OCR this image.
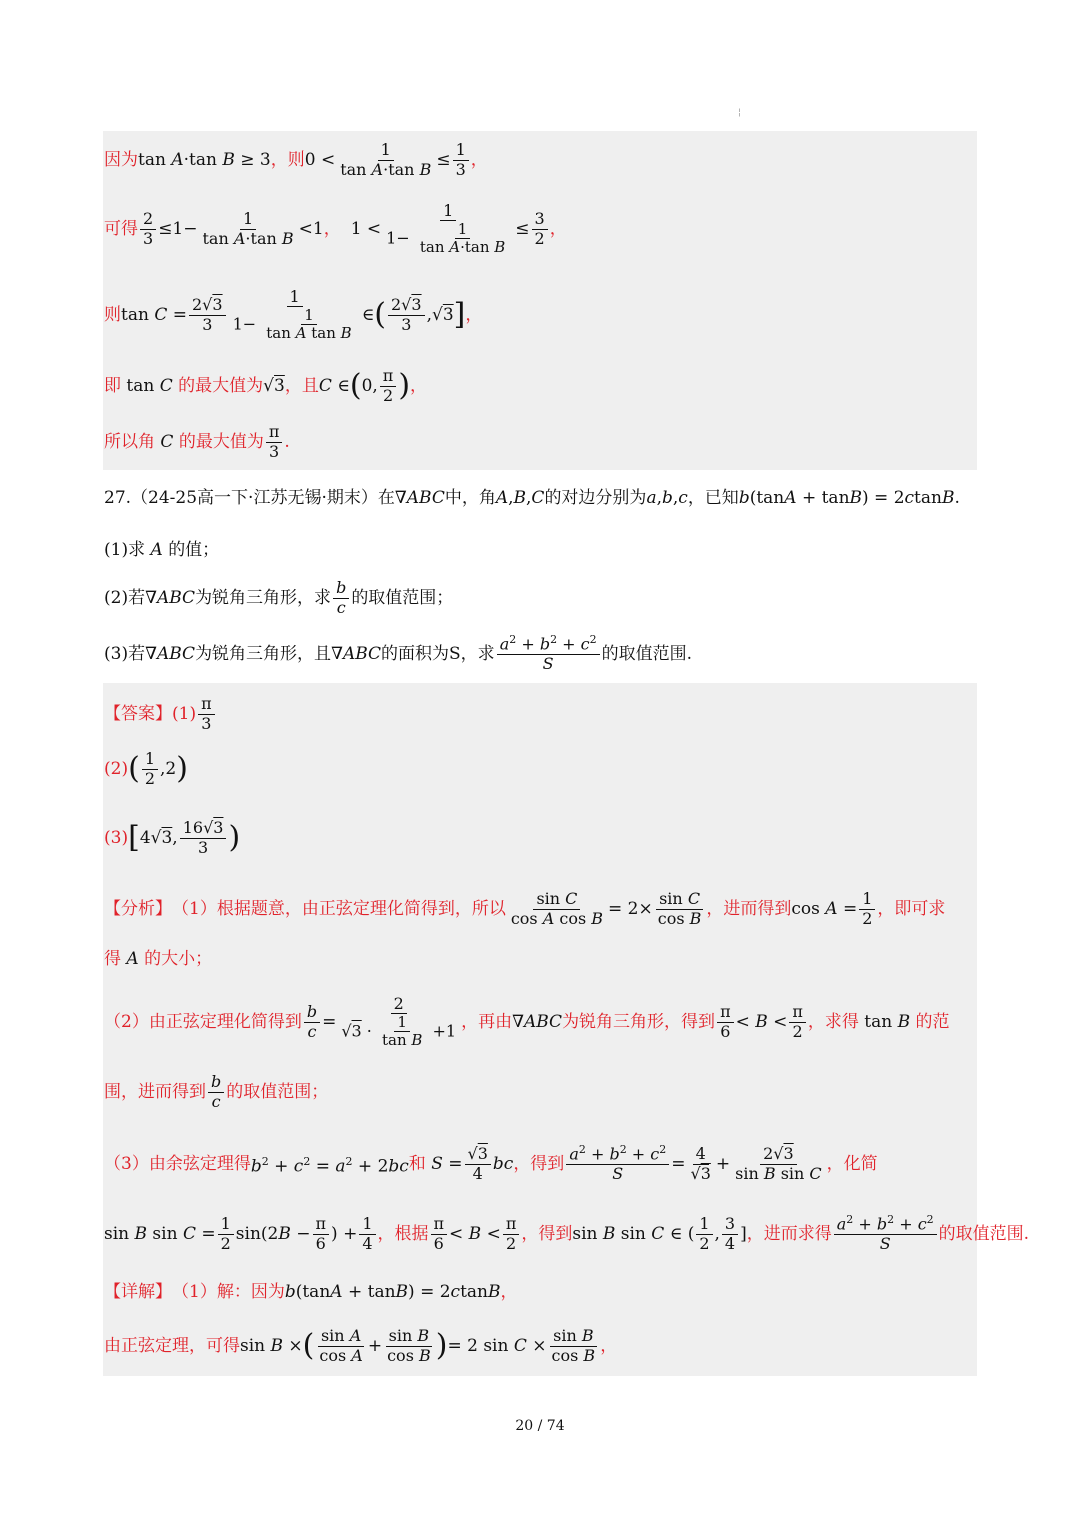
¦
因为 tan A·tan B ≥ 3 ，则 $0 < \frac{1}{\text{tan A·tan B}} \le \frac{1}{3}$ ，
可得 $\frac{2}{3} \le 1- \frac{1}{\text{tan A·tan B}} <1$ ， $1 < \frac{1}{1- \frac{1}{\text{tan A·tan B}}} \le \frac{3}{2}$ ，
则 $\tan C = \frac{2√3}{3} \frac{1}{1- \frac{1}{\text{tan A tan B}}}$ ∈ ( $\frac{2√3}{3} ,√3$ ] ，
即 tan C 的最大值为 √3 ，且 C ∈ ( 0, $\frac{\pi}{2}$ ) ，
所以角 C 的最大值为 $\frac{\pi}{3}$ .
27.（24-25高一下·江苏无锡·期末）在 ∇ABC 中，角 A,B,C 的对边分别为 a,b,c ，已知 b(tanA + tanB) = 2ctanB .
(1)求 A 的值；
(2)若 ∇ABC 为锐角三角形，求 $\frac{b}{c}$ 的取值范围；
(3)若 ∇ABC 为锐角三角形，且 ∇ABC 的面积为S，求 $\frac{a^2 + b^2 + c^2}{S}$ 的取值范围.
【答案】 $(1) \frac{\pi}{3}$
(2) ( $\frac{1}{2} ,2$ )
(3) [ 4√3, $\frac{16√3}{3}$ )
【分析】 （1）根据题意，由正弦定理化简得到，所以 $\frac{\text{sin C}}{\text{cos A cos B}} = 2\times \frac{\text{sin C}}{\text{cos B}}$ ，进而得到 $\cos A = \frac{1}{2}$ ，即可求
得 A 的大小；
（2）由正弦定理化简得到 $\frac{b}{c} = \frac{2}{√3 \cdot \frac{1}{\text{tan B}} +1}$ ，再由 ∇ABC 为锐角三角形，得到 $\frac{\pi}{6} < B < \frac{\pi}{2}$ ，求得 tan B 的范
围，进而得到 $\frac{b}{c}$ 的取值范围；
（3）由余弦定理得 $b^2 + c^2 = a^2 + 2bc$ 和 $S = \frac{√3}{4}$ bc ，得到 $\frac{a^2 + b^2 + c^2}{S} = \frac{4}{√3} + \frac{2√3}{\text{sin B sin C}}$ ，化简
sin B $\sin C = \frac{1}{2} \sin(2B - \frac{\pi}{6}$ ) + $\frac{1}{4}$ ，根据 $\frac{\pi}{6} < B < \frac{\pi}{2}$ ，得到 sin B sin C ∈ ( $\frac{1}{2}$ , $\frac{3}{4}$ ] ，进而求得 $\frac{a^2 + b^2 + c^2}{S}$ 的取值范围.
【详解】 （1）解：因为 b(tanA + tanB) = 2ctanB ，
由正弦定理，可得 sin B × ( $\frac{\text{sin A}}{\text{cos A}} + \frac{\text{sin B}}{\text{cos B}}$ ) = 2 $\sin C \times \frac{\text{sin B}}{\text{cos B}}$ ，
20 / 74
